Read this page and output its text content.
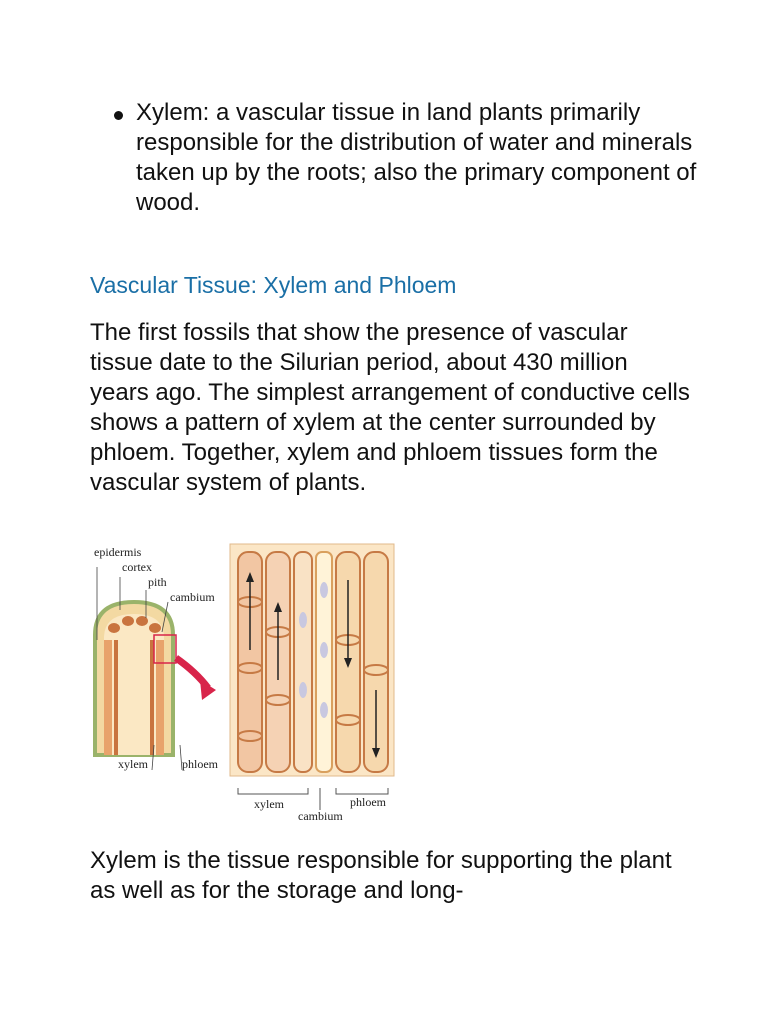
Xylem: a vascular tissue in land plants primarily responsible for the distribution of water and minerals taken up by the roots; also the primary component of wood.

Vascular Tissue: Xylem and Phloem

The first fossils that show the presence of vascular tissue date to the Silurian period, about 430 million years ago. The simplest arrangement of conductive cells shows a pattern of xylem at the center surrounded by phloem. Together, xylem and phloem tissues form the vascular system of plants.

epidermis
cortex
pith
cambium
xylem	phloem
xylem	phloem
cambium

Xylem is the tissue responsible for supporting the plant as well as for the storage and long-
